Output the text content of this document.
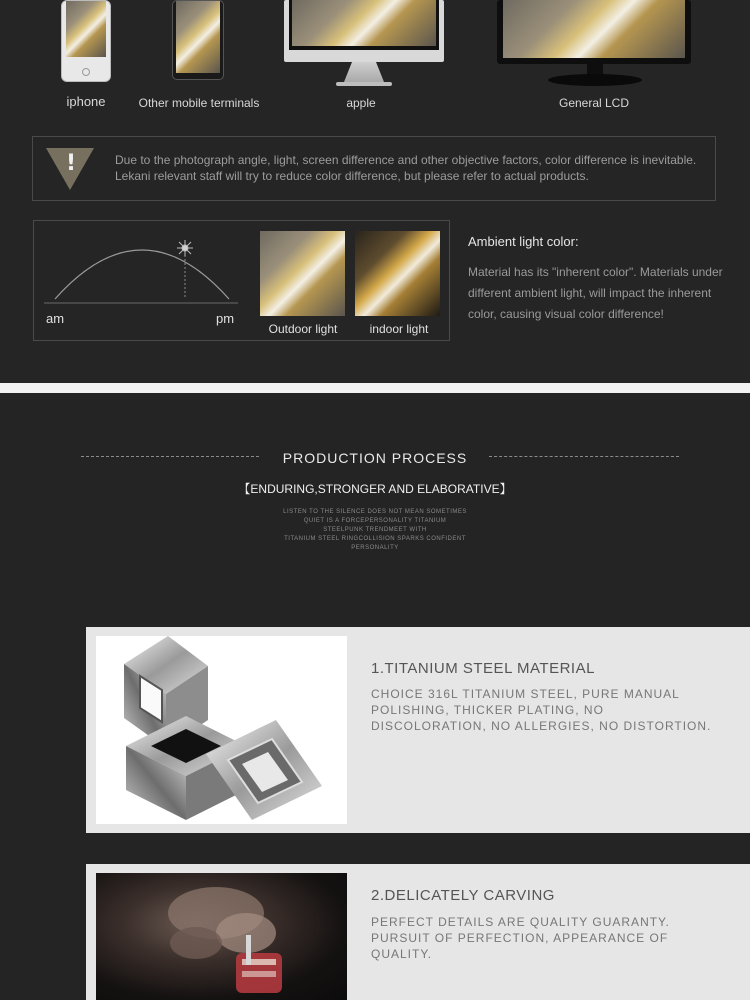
iphone	Other mobile terminals	apple	General LCD
!	Due to the photograph angle, light, screen difference and other objective factors, color difference is inevitable. Lekani relevant staff will try to reduce color difference, but please refer to actual products.
am	pm
Outdoor light	indoor light
Ambient light color:
Material has its "inherent color". Materials under different ambient light, will impact the inherent color, causing visual color difference!
PRODUCTION PROCESS
【ENDURING,STRONGER AND ELABORATIVE】
LISTEN TO THE SILENCE DOES NOT MEAN SOMETIMES
QUIET IS A FORCEPERSONALITY TITANIUM
STEELPUNK TRENDMEET WITH
TITANIUM STEEL RINGCOLLISION SPARKS CONFIDENT
PERSONALITY
1.TITANIUM STEEL MATERIAL
CHOICE 316L TITANIUM STEEL, PURE MANUAL POLISHING, THICKER PLATING, NO DISCOLORATION, NO ALLERGIES, NO DISTORTION.
2.DELICATELY CARVING
PERFECT DETAILS ARE QUALITY GUARANTY. PURSUIT OF PERFECTION, APPEARANCE OF QUALITY.
